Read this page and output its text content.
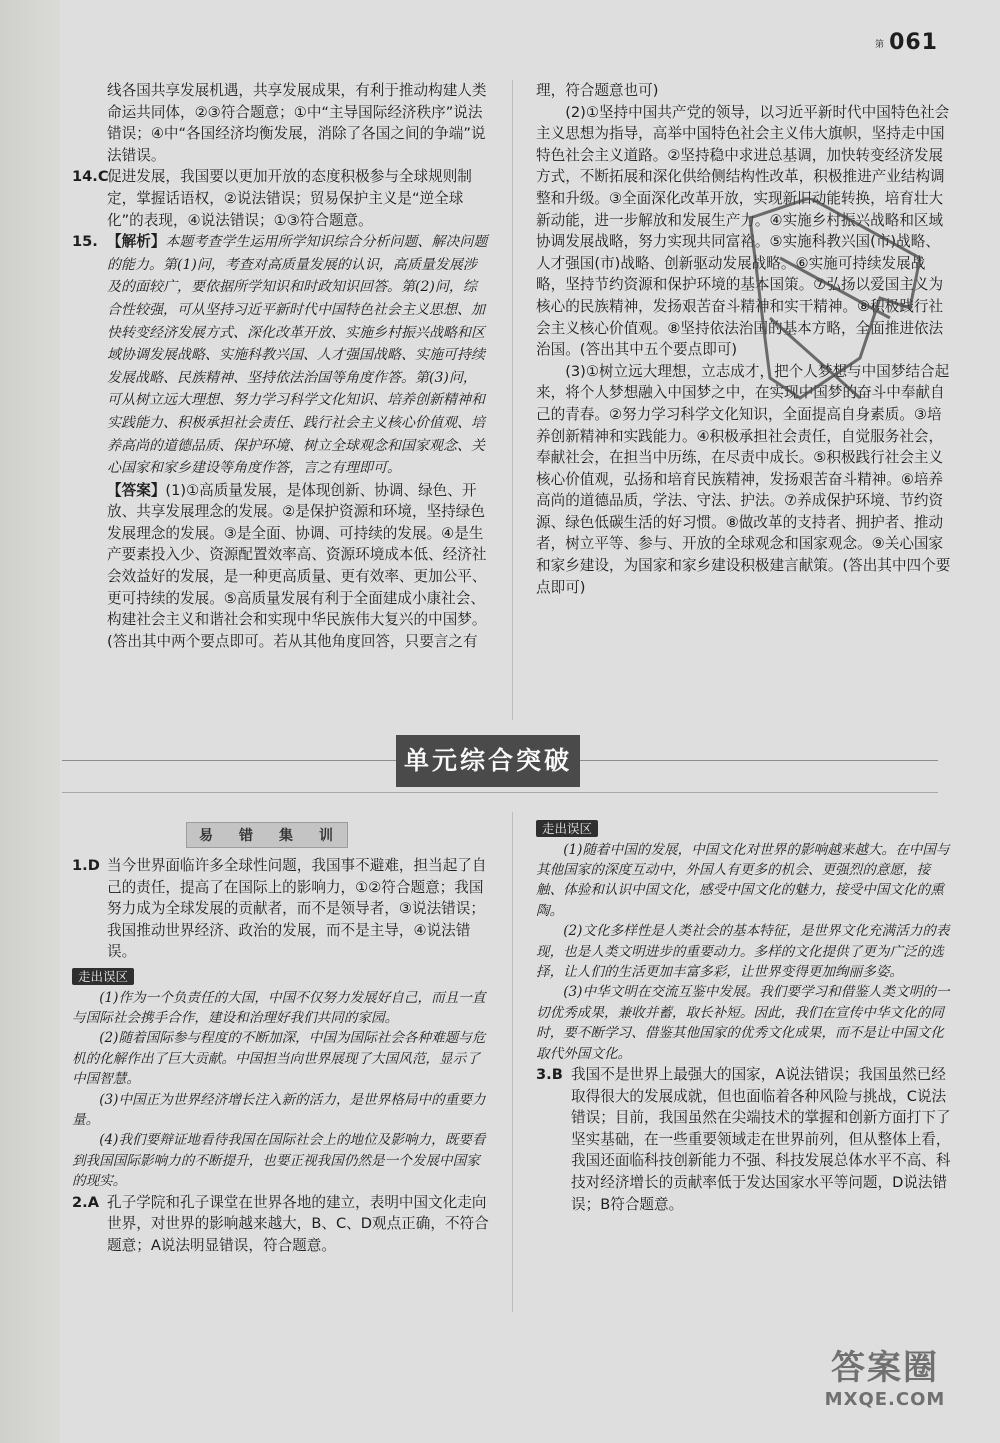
第 061

线各国共享发展机遇，共享发展成果，有利于推动构建人类命运共同体，②③符合题意；①中“主导国际经济秩序”说法错误；④中“各国经济均衡发展，消除了各国之间的争端”说法错误。

14.C
促进发展，我国要以更加开放的态度积极参与全球规则制定，掌握话语权，②说法错误；贸易保护主义是“逆全球化”的表现，④说法错误；①③符合题意。
15. 【解析】本题考查学生运用所学知识综合分析问题、解决问题的能力。第(1)问，考查对高质量发展的认识，高质量发展涉及的面较广，要依据所学知识和时政知识回答。第(2)问，综合性较强，可从坚持习近平新时代中国特色社会主义思想、加快转变经济发展方式、深化改革开放、实施乡村振兴战略和区域协调发展战略、实施科教兴国、人才强国战略、实施可持续发展战略、民族精神、坚持依法治国等角度作答。第(3)问，可从树立远大理想、努力学习科学文化知识、培养创新精神和实践能力、积极承担社会责任、践行社会主义核心价值观、培养高尚的道德品质、保护环境、树立全球观念和国家观念、关心国家和家乡建设等角度作答，言之有理即可。
【答案】(1)①高质量发展，是体现创新、协调、绿色、开放、共享发展理念的发展。②是保护资源和环境，坚持绿色发展理念的发展。③是全面、协调、可持续的发展。④是生产要素投入少、资源配置效率高、资源环境成本低、经济社会效益好的发展，是一种更高质量、更有效率、更加公平、更可持续的发展。⑤高质量发展有利于全面建成小康社会、构建社会主义和谐社会和实现中华民族伟大复兴的中国梦。(答出其中两个要点即可。若从其他角度回答，只要言之有

理，符合题意也可)

(2)①坚持中国共产党的领导，以习近平新时代中国特色社会主义思想为指导，高举中国特色社会主义伟大旗帜，坚持走中国特色社会主义道路。②坚持稳中求进总基调，加快转变经济发展方式，不断拓展和深化供给侧结构性改革，积极推进产业结构调整和升级。③全面深化改革开放，实现新旧动能转换，培育壮大新动能，进一步解放和发展生产力。④实施乡村振兴战略和区域协调发展战略，努力实现共同富裕。⑤实施科教兴国(市)战略、人才强国(市)战略、创新驱动发展战略。⑥实施可持续发展战略，坚持节约资源和保护环境的基本国策。⑦弘扬以爱国主义为核心的民族精神，发扬艰苦奋斗精神和实干精神。⑧积极践行社会主义核心价值观。⑧坚持依法治国的基本方略，全面推进依法治国。(答出其中五个要点即可)

(3)①树立远大理想，立志成才，把个人梦想与中国梦结合起来，将个人梦想融入中国梦之中，在实现中国梦的奋斗中奉献自己的青春。②努力学习科学文化知识，全面提高自身素质。③培养创新精神和实践能力。④积极承担社会责任，自觉服务社会，奉献社会，在担当中历练，在尽责中成长。⑤积极践行社会主义核心价值观，弘扬和培育民族精神，发扬艰苦奋斗精神。⑥培养高尚的道德品质，学法、守法、护法。⑦养成保护环境、节约资源、绿色低碳生活的好习惯。⑧做改革的支持者、拥护者、推动者，树立平等、参与、开放的全球观念和国家观念。⑨关心国家和家乡建设，为国家和家乡建设积极建言献策。(答出其中四个要点即可)

单元综合突破
易 错 集 训
1.D 当今世界面临许多全球性问题，我国事不避难，担当起了自己的责任，提高了在国际上的影响力，①②符合题意；我国努力成为全球发展的贡献者，而不是领导者，③说法错误；我国推动世界经济、政治的发展，而不是主导，④说法错误。
走出误区

(1)作为一个负责任的大国，中国不仅努力发展好自己，而且一直与国际社会携手合作，建设和治理好我们共同的家园。

(2)随着国际参与程度的不断加深，中国为国际社会各种难题与危机的化解作出了巨大贡献。中国担当向世界展现了大国风范，显示了中国智慧。

(3)中国正为世界经济增长注入新的活力，是世界格局中的重要力量。

(4)我们要辩证地看待我国在国际社会上的地位及影响力，既要看到我国国际影响力的不断提升，也要正视我国仍然是一个发展中国家的现实。

2.A 孔子学院和孔子课堂在世界各地的建立，表明中国文化走向世界，对世界的影响越来越大，B、C、D观点正确，不符合题意；A说法明显错误，符合题意。
走出误区

(1)随着中国的发展，中国文化对世界的影响越来越大。在中国与其他国家的深度互动中，外国人有更多的机会、更强烈的意愿，接触、体验和认识中国文化，感受中国文化的魅力，接受中国文化的熏陶。

(2)文化多样性是人类社会的基本特征，是世界文化充满活力的表现，也是人类文明进步的重要动力。多样的文化提供了更为广泛的选择，让人们的生活更加丰富多彩，让世界变得更加绚丽多姿。

(3)中华文明在交流互鉴中发展。我们要学习和借鉴人类文明的一切优秀成果，兼收并蓄，取长补短。因此，我们在宣传中华文化的同时，要不断学习、借鉴其他国家的优秀文化成果，而不是让中国文化取代外国文化。

3.B 我国不是世界上最强大的国家，A说法错误；我国虽然已经取得很大的发展成就，但也面临着各种风险与挑战，C说法错误；目前，我国虽然在尖端技术的掌握和创新方面打下了坚实基础，在一些重要领域走在世界前列，但从整体上看，我国还面临科技创新能力不强、科技发展总体水平不高、科技对经济增长的贡献率低于发达国家水平等问题，D说法错误；B符合题意。
答案圈
MXQE.COM
